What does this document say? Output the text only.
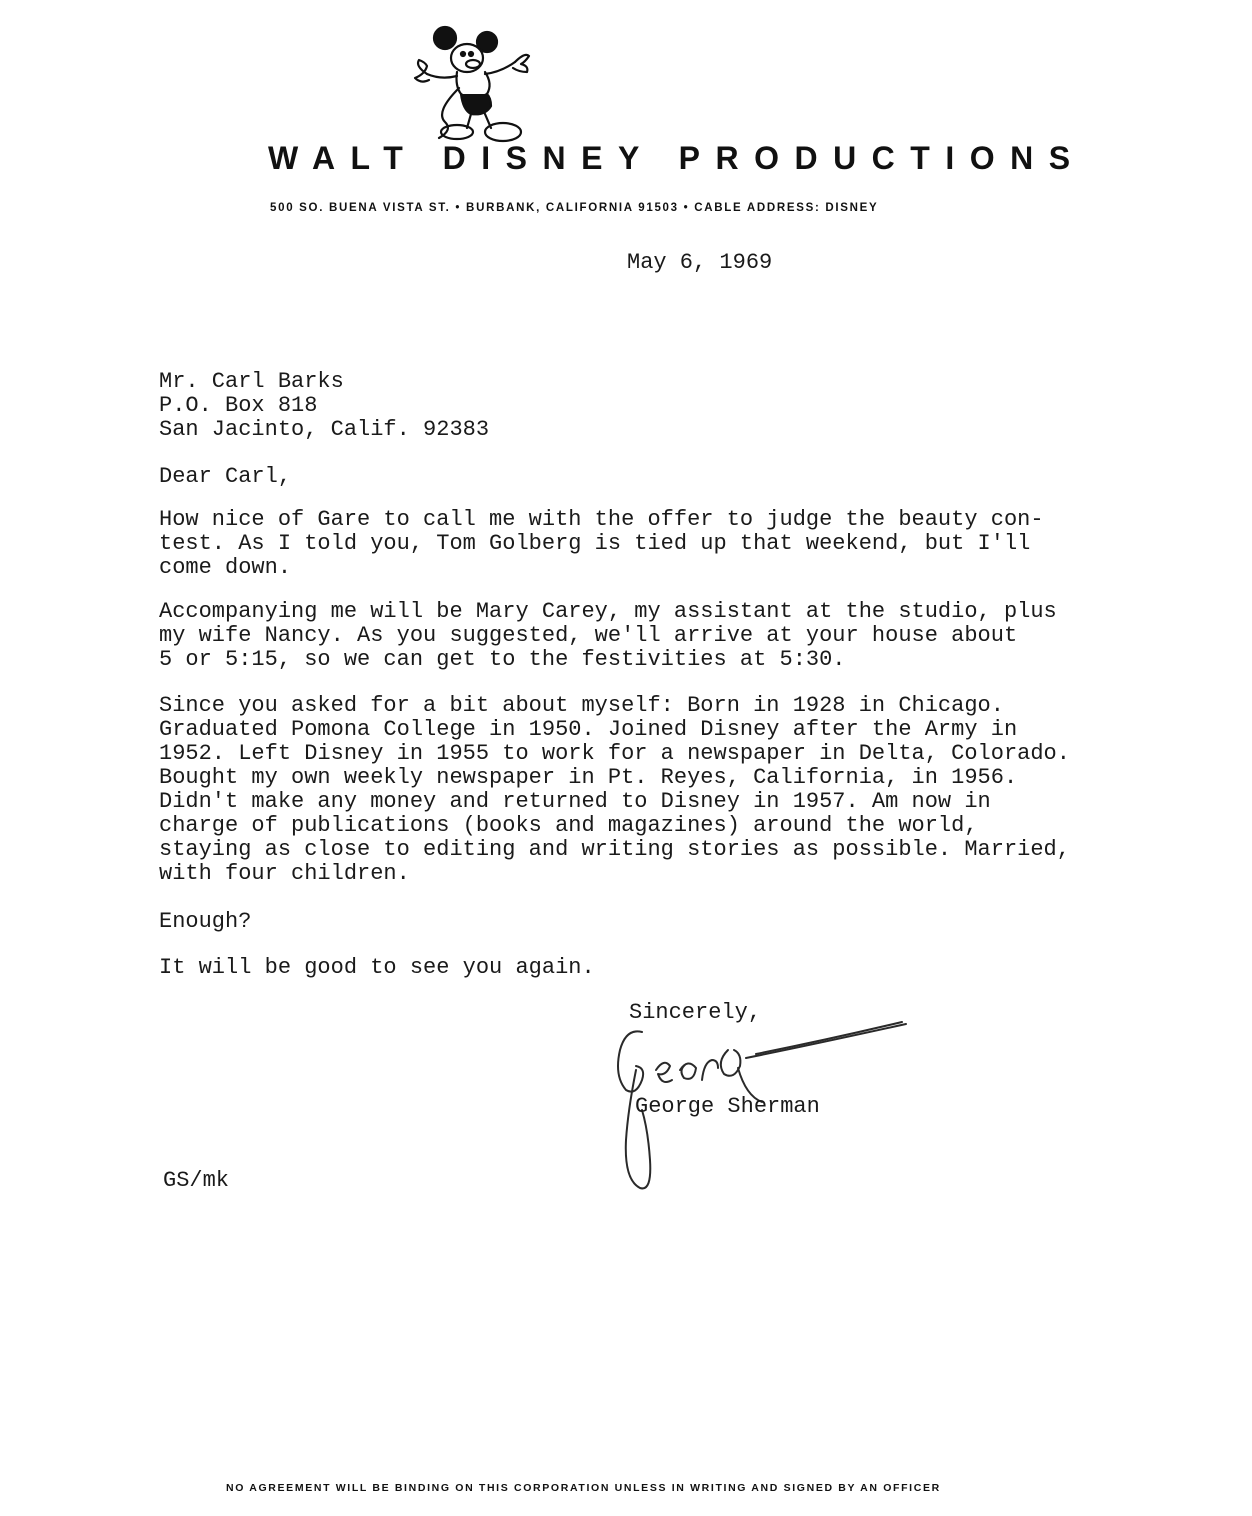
WALT DISNEY PRODUCTIONS
500 SO. BUENA VISTA ST. • BURBANK, CALIFORNIA 91503 • CABLE ADDRESS: DISNEY
May 6, 1969
Mr. Carl Barks
P.O. Box 818
San Jacinto, Calif. 92383
Dear Carl,
How nice of Gare to call me with the offer to judge the beauty con-
test. As I told you, Tom Golberg is tied up that weekend, but I'll
come down.
Accompanying me will be Mary Carey, my assistant at the studio, plus
my wife Nancy. As you suggested, we'll arrive at your house about
5 or 5:15, so we can get to the festivities at 5:30.
Since you asked for a bit about myself: Born in 1928 in Chicago.
Graduated Pomona College in 1950. Joined Disney after the Army in
1952. Left Disney in 1955 to work for a newspaper in Delta, Colorado.
Bought my own weekly newspaper in Pt. Reyes, California, in 1956.
Didn't make any money and returned to Disney in 1957. Am now in
charge of publications (books and magazines) around the world,
staying as close to editing and writing stories as possible. Married,
with four children.
Enough?
It will be good to see you again.
Sincerely,
George Sherman
GS/mk
NO AGREEMENT WILL BE BINDING ON THIS CORPORATION UNLESS IN WRITING AND SIGNED BY AN OFFICER
